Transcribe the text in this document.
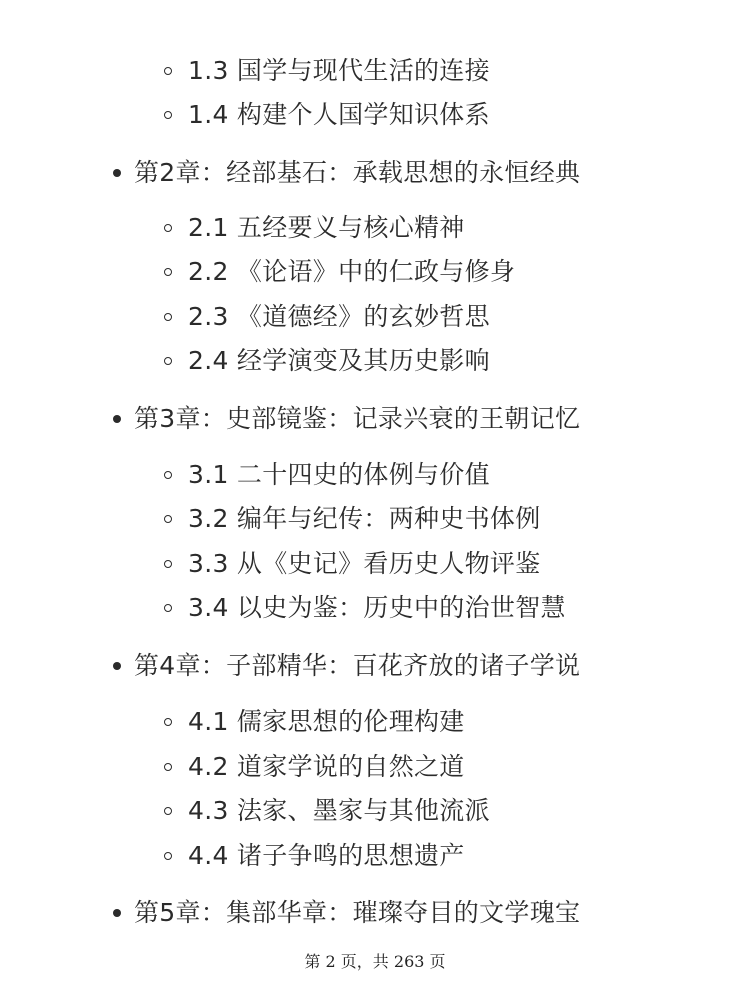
1.3 国学与现代生活的连接
1.4 构建个人国学知识体系
第2章：经部基石：承载思想的永恒经典
2.1 五经要义与核心精神
2.2 《论语》中的仁政与修身
2.3 《道德经》的玄妙哲思
2.4 经学演变及其历史影响
第3章：史部镜鉴：记录兴衰的王朝记忆
3.1 二十四史的体例与价值
3.2 编年与纪传：两种史书体例
3.3 从《史记》看历史人物评鉴
3.4 以史为鉴：历史中的治世智慧
第4章：子部精华：百花齐放的诸子学说
4.1 儒家思想的伦理构建
4.2 道家学说的自然之道
4.3 法家、墨家与其他流派
4.4 诸子争鸣的思想遗产
第5章：集部华章：璀璨夺目的文学瑰宝
第 2 页，共 263 页
